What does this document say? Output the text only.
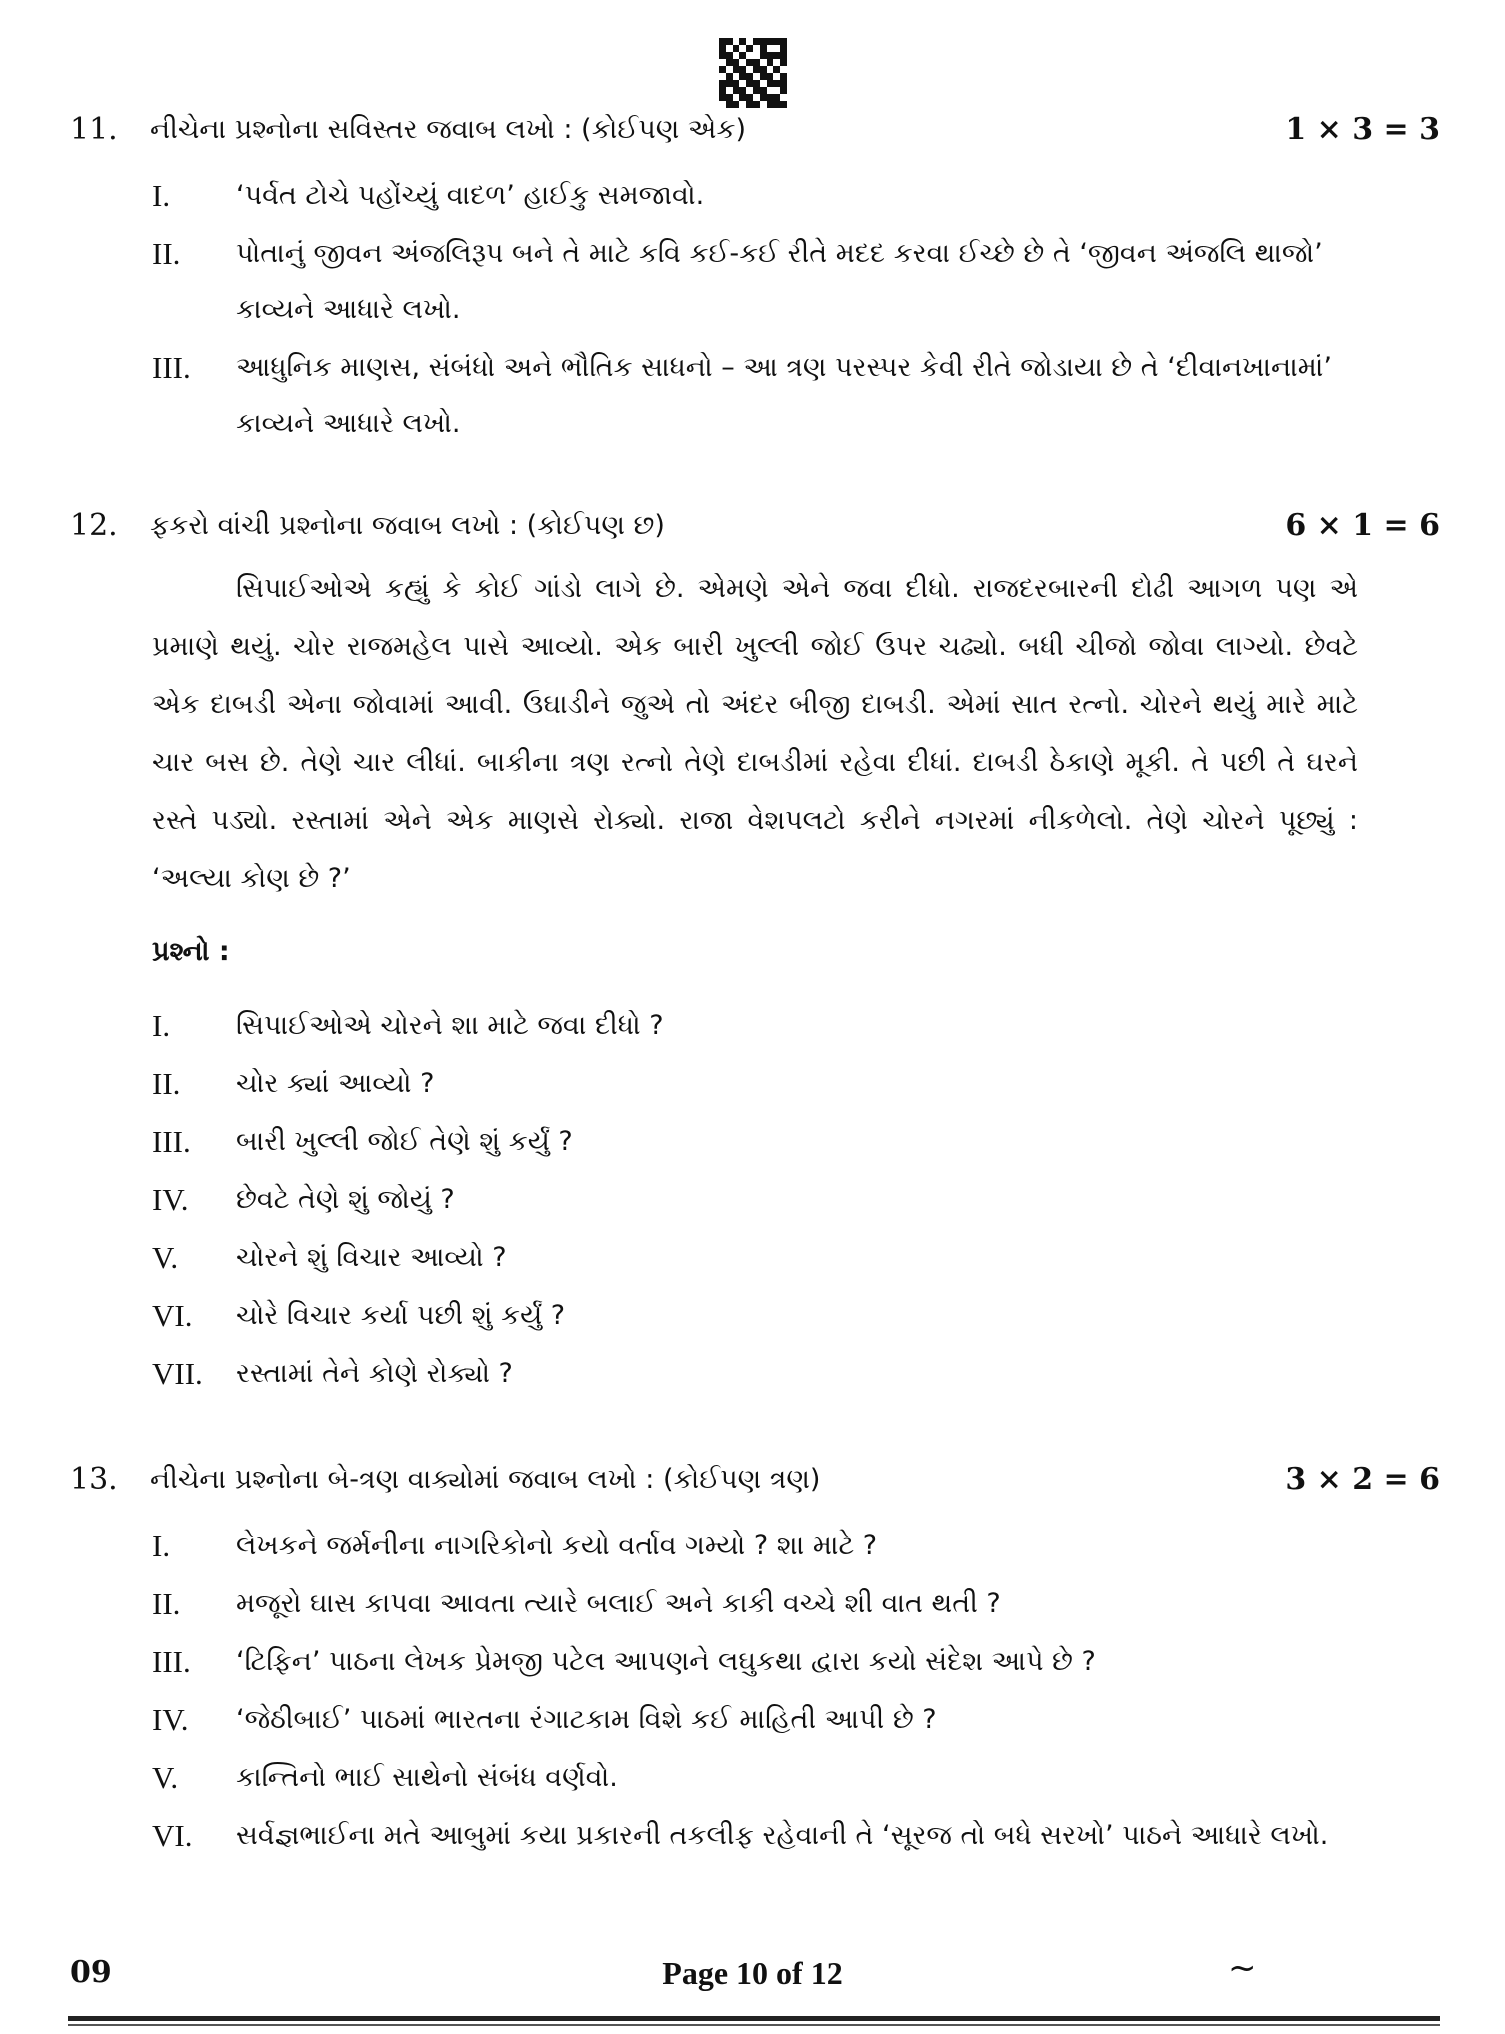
11. નીચેના પ્રશ્નોના સવિસ્તર જવાબ લખો : (કોઈપણ એક)	1 × 3 = 3
I.	‘પર્વત ટોચે પહોંચ્યું વાદળ’ હાઈકુ સમજાવો.
II.	પોતાનું જીવન અંજલિરૂપ બને તે માટે કવિ કઈ-કઈ રીતે મદદ કરવા ઈચ્છે છે તે ‘જીવન અંજલિ થાજો’ કાવ્યને આધારે લખો.
III.	આધુનિક માણસ, સંબંધો અને ભૌતિક સાધનો – આ ત્રણ પરસ્પર કેવી રીતે જોડાયા છે તે ‘દીવાનખાનામાં’ કાવ્યને આધારે લખો.
12. ફકરો વાંચી પ્રશ્નોના જવાબ લખો : (કોઈપણ છ)	6 × 1 = 6
સિપાઈઓએ કહ્યું કે કોઈ ગાંડો લાગે છે. એમણે એને જવા દીધો. રાજદરબારની દોઢી આગળ પણ એ પ્રમાણે થયું. ચોર રાજમહેલ પાસે આવ્યો. એક બારી ખુલ્લી જોઈ ઉપર ચઢ્યો. બધી ચીજો જોવા લાગ્યો. છેવટે એક દાબડી એના જોવામાં આવી. ઉઘાડીને જુએ તો અંદર બીજી દાબડી. એમાં સાત રત્નો. ચોરને થયું મારે માટે ચાર બસ છે. તેણે ચાર લીધાં. બાકીના ત્રણ રત્નો તેણે દાબડીમાં રહેવા દીધાં. દાબડી ઠેકાણે મૂકી. તે પછી તે ઘરને રસ્તે પડ્યો. રસ્તામાં એને એક માણસે રોક્યો. રાજા વેશપલટો કરીને નગરમાં નીકળેલો. તેણે ચોરને પૂછ્યું : ‘અલ્યા કોણ છે ?’
પ્રશ્નો :
I.	સિપાઈઓએ ચોરને શા માટે જવા દીધો ?
II.	ચોર ક્યાં આવ્યો ?
III.	બારી ખુલ્લી જોઈ તેણે શું કર્યું ?
IV.	છેવટે તેણે શું જોયું ?
V.	ચોરને શું વિચાર આવ્યો ?
VI.	ચોરે વિચાર કર્યા પછી શું કર્યું ?
VII.	રસ્તામાં તેને કોણે રોક્યો ?
13. નીચેના પ્રશ્નોના બે-ત્રણ વાક્યોમાં જવાબ લખો : (કોઈપણ ત્રણ)	3 × 2 = 6
I.	લેખકને જર્મનીના નાગરિકોનો કયો વર્તાવ ગમ્યો ? શા માટે ?
II.	મજૂરો ઘાસ કાપવા આવતા ત્યારે બલાઈ અને કાકી વચ્ચે શી વાત થતી ?
III.	‘ટિફિન’ પાઠના લેખક પ્રેમજી પટેલ આપણને લઘુકથા દ્વારા કયો સંદેશ આપે છે ?
IV.	‘જેઠીબાઈ’ પાઠમાં ભારતના રંગાટકામ વિશે કઈ માહિતી આપી છે ?
V.	કાન્તિનો ભાઈ સાથેનો સંબંધ વર્ણવો.
VI.	સર્વજ્ઞભાઈના મતે આબુમાં કયા પ્રકારની તકલીફ રહેવાની તે ‘સૂરજ તો બધે સરખો’ પાઠને આધારે લખો.
09	Page 10 of 12	~
